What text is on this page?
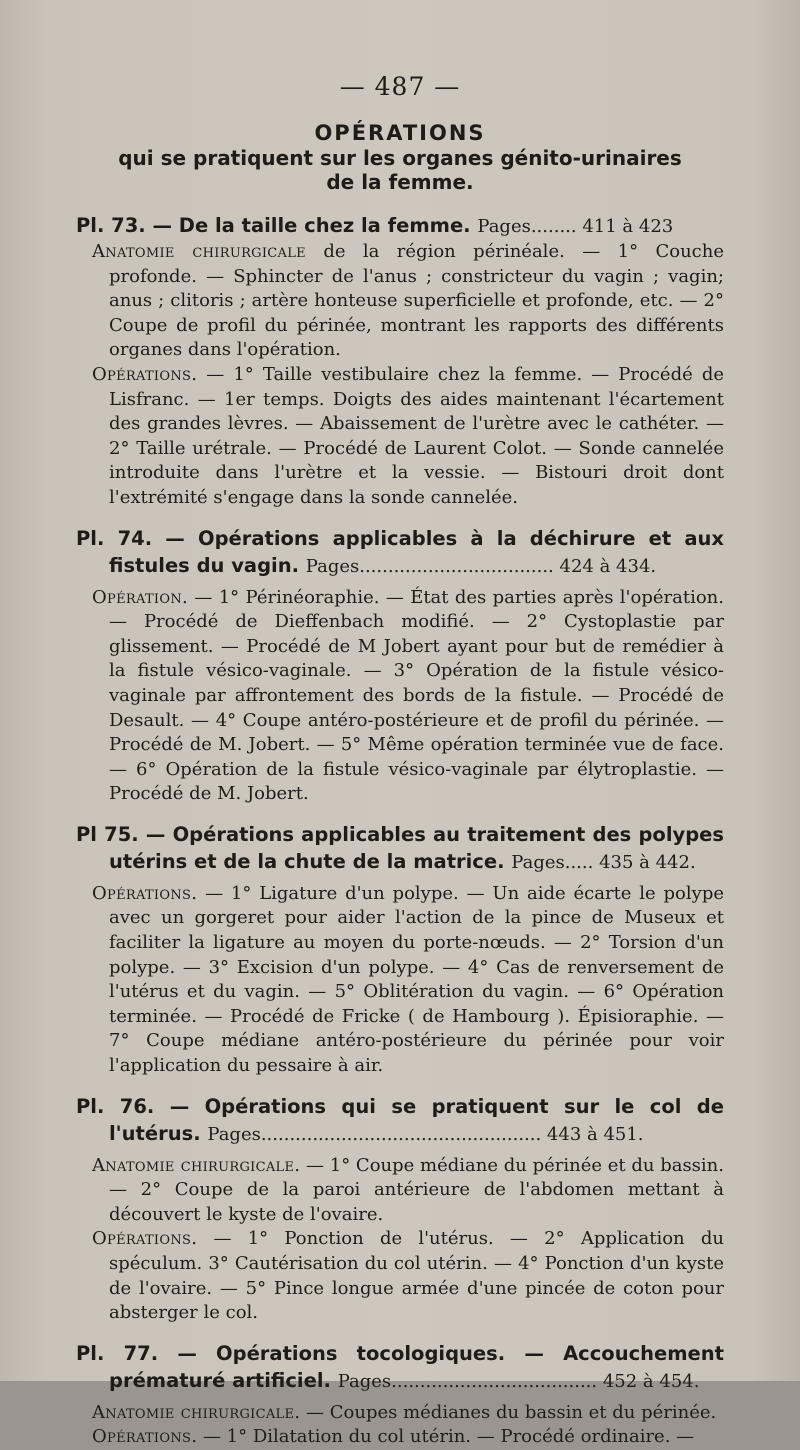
— 487 —
OPÉRATIONS
qui se pratiquent sur les organes génito-urinaires
de la femme.

Pl. 73. — De la taille chez la femme. Pages........ 411 à 423

Anatomie chirurgicale de la région périnéale. — 1° Couche profonde. — Sphincter de l'anus ; constricteur du vagin ; vagin; anus ; clitoris ; artère honteuse superficielle et profonde, etc. — 2° Coupe de profil du périnée, montrant les rapports des différents organes dans l'opération.

Opérations. — 1° Taille vestibulaire chez la femme. — Procédé de Lisfranc. — 1er temps. Doigts des aides maintenant l'écartement des grandes lèvres. — Abaissement de l'urètre avec le cathéter. — 2° Taille urétrale. — Procédé de Laurent Colot. — Sonde cannelée introduite dans l'urètre et la vessie. — Bistouri droit dont l'extrémité s'engage dans la sonde cannelée.

Pl. 74. — Opérations applicables à la déchirure et aux fistules du vagin. Pages.................................. 424 à 434.

Opération. — 1° Périnéoraphie. — État des parties après l'opération. — Procédé de Dieffenbach modifié. — 2° Cystoplastie par glissement. — Procédé de M Jobert ayant pour but de remédier à la fistule vésico-vaginale. — 3° Opération de la fistule vésico-vaginale par affrontement des bords de la fistule. — Procédé de Desault. — 4° Coupe antéro-postérieure et de profil du périnée. — Procédé de M. Jobert. — 5° Même opération terminée vue de face. — 6° Opération de la fistule vésico-vaginale par élytroplastie. — Procédé de M. Jobert.

Pl 75. — Opérations applicables au traitement des polypes utérins et de la chute de la matrice. Pages..... 435 à 442.

Opérations. — 1° Ligature d'un polype. — Un aide écarte le polype avec un gorgeret pour aider l'action de la pince de Museux et faciliter la ligature au moyen du porte-nœuds. — 2° Torsion d'un polype. — 3° Excision d'un polype. — 4° Cas de renversement de l'utérus et du vagin. — 5° Oblitération du vagin. — 6° Opération terminée. — Procédé de Fricke ( de Hambourg ). Épisioraphie. — 7° Coupe médiane antéro-postérieure du périnée pour voir l'application du pessaire à air.

Pl. 76. — Opérations qui se pratiquent sur le col de l'utérus. Pages................................................. 443 à 451.

Anatomie chirurgicale. — 1° Coupe médiane du périnée et du bassin. — 2° Coupe de la paroi antérieure de l'abdomen mettant à découvert le kyste de l'ovaire.

Opérations. — 1° Ponction de l'utérus. — 2° Application du spéculum. 3° Cautérisation du col utérin. — 4° Ponction d'un kyste de l'ovaire. — 5° Pince longue armée d'une pincée de coton pour absterger le col.

Pl. 77. — Opérations tocologiques. — Accouchement prématuré artificiel. Pages.................................... 452 à 454.

Anatomie chirurgicale. — Coupes médianes du bassin et du périnée.

Opérations. — 1° Dilatation du col utérin. — Procédé ordinaire. —
